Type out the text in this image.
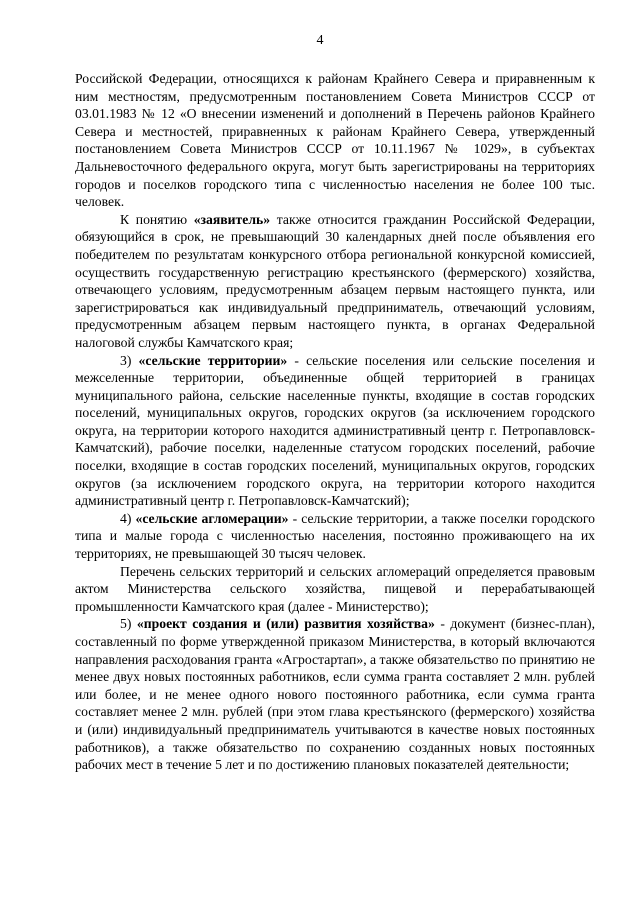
4

Российской Федерации, относящихся к районам Крайнего Севера и приравненным к ним местностям, предусмотренным постановлением Совета Министров СССР от 03.01.1983 № 12 «О внесении изменений и дополнений в Перечень районов Крайнего Севера и местностей, приравненных к районам Крайнего Севера, утвержденный постановлением Совета Министров СССР от 10.11.1967 № 1029», в субъектах Дальневосточного федерального округа, могут быть зарегистрированы на территориях городов и поселков городского типа с численностью населения не более 100 тыс. человек.

К понятию «заявитель» также относится гражданин Российской Федерации, обязующийся в срок, не превышающий 30 календарных дней после объявления его победителем по результатам конкурсного отбора региональной конкурсной комиссией, осуществить государственную регистрацию крестьянского (фермерского) хозяйства, отвечающего условиям, предусмотренным абзацем первым настоящего пункта, или зарегистрироваться как индивидуальный предприниматель, отвечающий условиям, предусмотренным абзацем первым настоящего пункта, в органах Федеральной налоговой службы Камчатского края;

3) «сельские территории» - сельские поселения или сельские поселения и межселенные территории, объединенные общей территорией в границах муниципального района, сельские населенные пункты, входящие в состав городских поселений, муниципальных округов, городских округов (за исключением городского округа, на территории которого находится административный центр г. Петропавловск-Камчатский), рабочие поселки, наделенные статусом городских поселений, рабочие поселки, входящие в состав городских поселений, муниципальных округов, городских округов (за исключением городского округа, на территории которого находится административный центр г. Петропавловск-Камчатский);

4) «сельские агломерации» - сельские территории, а также поселки городского типа и малые города с численностью населения, постоянно проживающего на их территориях, не превышающей 30 тысяч человек.

Перечень сельских территорий и сельских агломераций определяется правовым актом Министерства сельского хозяйства, пищевой и перерабатывающей промышленности Камчатского края (далее - Министерство);

5) «проект создания и (или) развития хозяйства» - документ (бизнес-план), составленный по форме утвержденной приказом Министерства, в который включаются направления расходования гранта «Агростартап», а также обязательство по принятию не менее двух новых постоянных работников, если сумма гранта составляет 2 млн. рублей или более, и не менее одного нового постоянного работника, если сумма гранта составляет менее 2 млн. рублей (при этом глава крестьянского (фермерского) хозяйства и (или) индивидуальный предприниматель учитываются в качестве новых постоянных работников), а также обязательство по сохранению созданных новых постоянных рабочих мест в течение 5 лет и по достижению плановых показателей деятельности;
